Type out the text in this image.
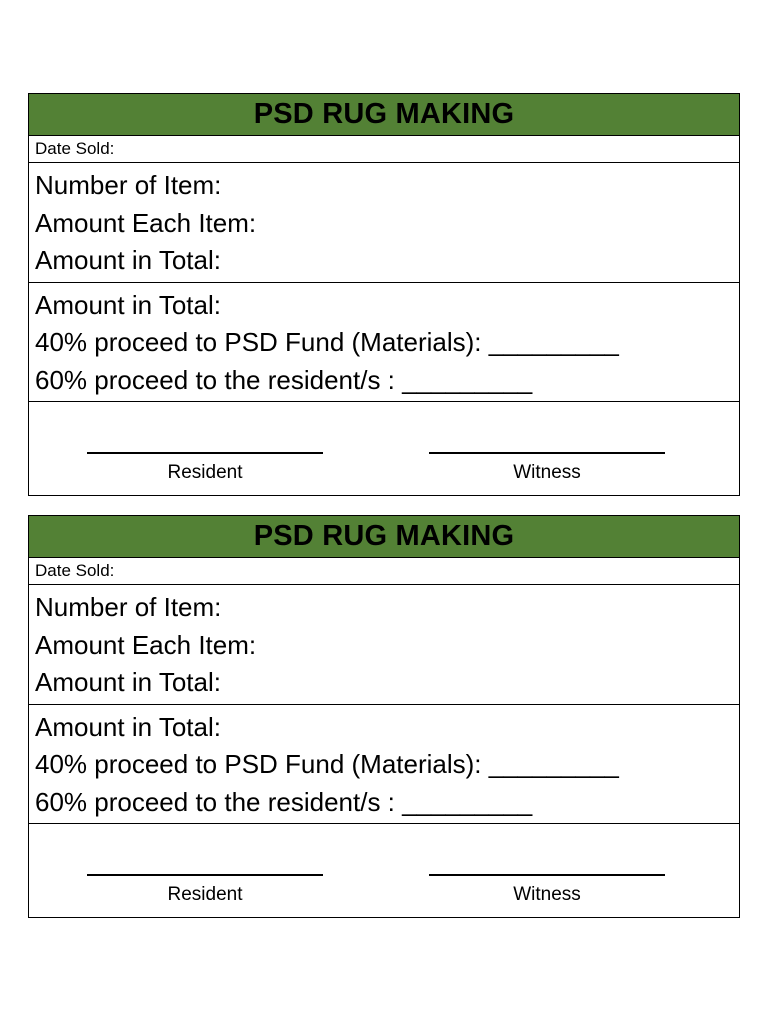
PSD RUG MAKING
Date Sold:
Number of Item:
Amount Each Item:
Amount in Total:
Amount in Total:
40% proceed to PSD Fund (Materials): _________
60% proceed to the resident/s : _________
Resident	Witness
PSD RUG MAKING
Date Sold:
Number of Item:
Amount Each Item:
Amount in Total:
Amount in Total:
40% proceed to PSD Fund (Materials): _________
60% proceed to the resident/s : _________
Resident	Witness
